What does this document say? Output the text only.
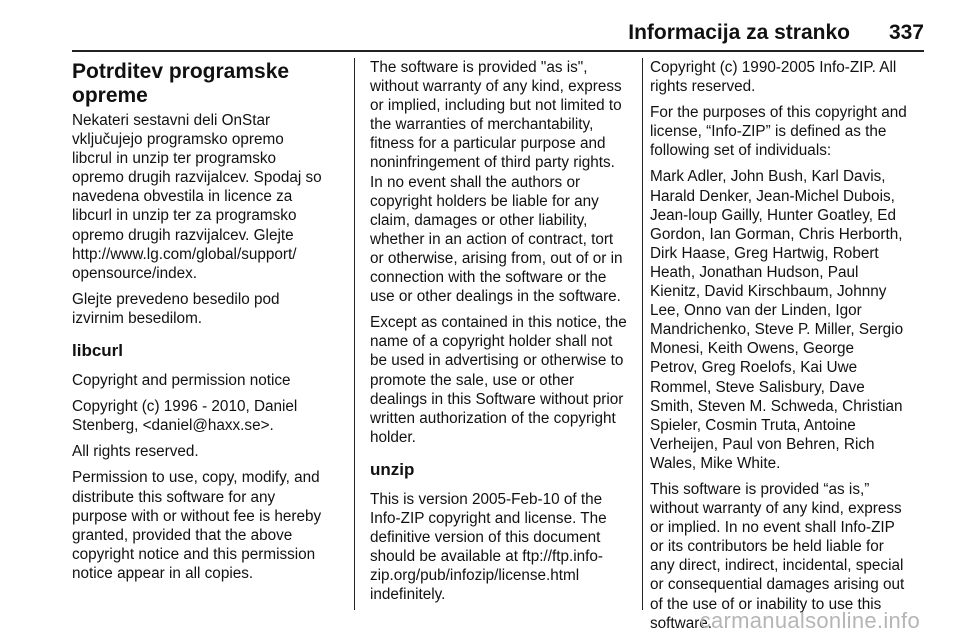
Informacija za stranko 337
Potrditev programske opreme

Nekateri sestavni deli OnStar
vključujejo programsko opremo
libcrul in unzip ter programsko
opremo drugih razvijalcev. Spodaj so
navedena obvestila in licence za
libcurl in unzip ter za programsko
opremo drugih razvijalcev. Glejte
http://www.lg.com/global/support/
opensource/index.

Glejte prevedeno besedilo pod
izvirnim besedilom.

libcurl

Copyright and permission notice

Copyright (c) 1996 - 2010, Daniel
Stenberg, <daniel@haxx.se>.

All rights reserved.

Permission to use, copy, modify, and
distribute this software for any
purpose with or without fee is hereby
granted, provided that the above
copyright notice and this permission
notice appear in all copies.

The software is provided "as is",
without warranty of any kind, express
or implied, including but not limited to
the warranties of merchantability,
fitness for a particular purpose and
noninfringement of third party rights.
In no event shall the authors or
copyright holders be liable for any
claim, damages or other liability,
whether in an action of contract, tort
or otherwise, arising from, out of or in
connection with the software or the
use or other dealings in the software.

Except as contained in this notice, the
name of a copyright holder shall not
be used in advertising or otherwise to
promote the sale, use or other
dealings in this Software without prior
written authorization of the copyright
holder.

unzip

This is version 2005-Feb-10 of the
Info-ZIP copyright and license. The
definitive version of this document
should be available at ftp://ftp.info-
zip.org/pub/infozip/license.html
indefinitely.

Copyright (c) 1990-2005 Info-ZIP. All
rights reserved.

For the purposes of this copyright and
license, “Info-ZIP” is defined as the
following set of individuals:

Mark Adler, John Bush, Karl Davis,
Harald Denker, Jean-Michel Dubois,
Jean-loup Gailly, Hunter Goatley, Ed
Gordon, Ian Gorman, Chris Herborth,
Dirk Haase, Greg Hartwig, Robert
Heath, Jonathan Hudson, Paul
Kienitz, David Kirschbaum, Johnny
Lee, Onno van der Linden, Igor
Mandrichenko, Steve P. Miller, Sergio
Monesi, Keith Owens, George
Petrov, Greg Roelofs, Kai Uwe
Rommel, Steve Salisbury, Dave
Smith, Steven M. Schweda, Christian
Spieler, Cosmin Truta, Antoine
Verheijen, Paul von Behren, Rich
Wales, Mike White.

This software is provided “as is,”
without warranty of any kind, express
or implied. In no event shall Info-ZIP
or its contributors be held liable for
any direct, indirect, incidental, special
or consequential damages arising out
of the use of or inability to use this
software.

carmanualsonline.info
